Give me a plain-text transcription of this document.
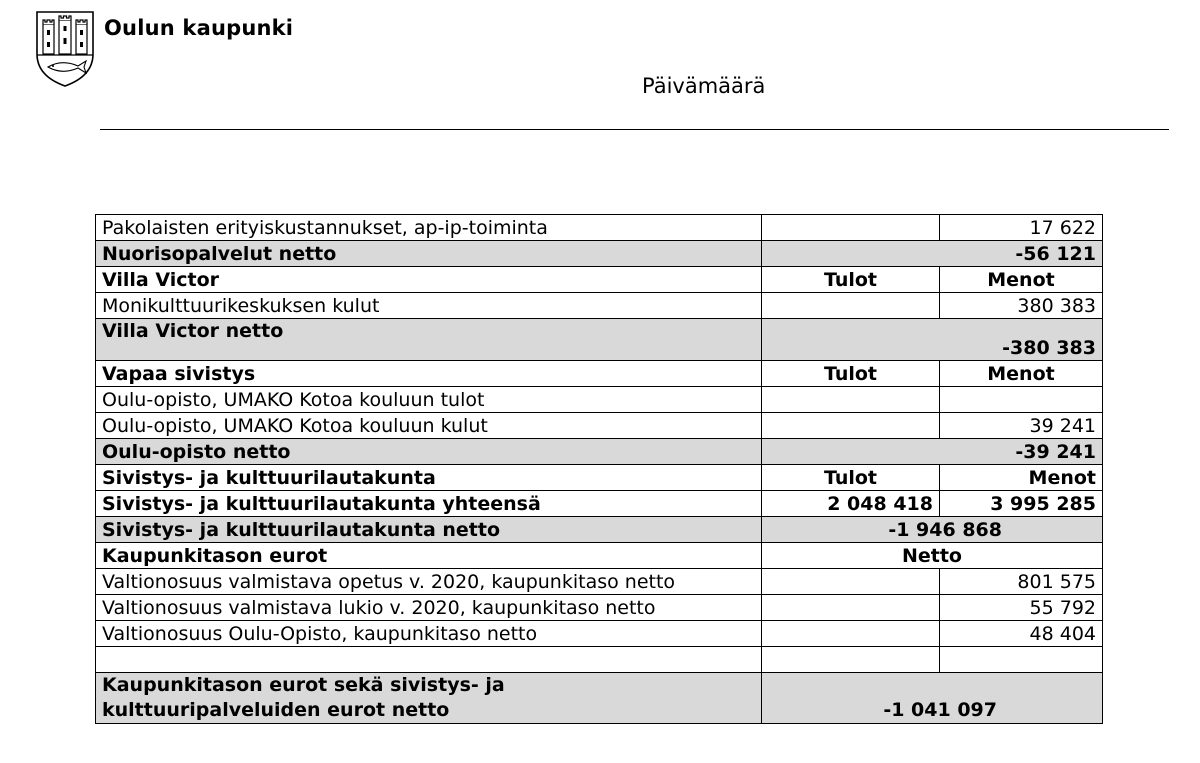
Oulun kaupunki
Päivämäärä
Pakolaisten erityiskustannukset, ap-ip-toiminta		17 622
Nuorisopalvelut netto	-56 121	
Villa Victor	Tulot	Menot
Monikulttuurikeskuksen kulut		380 383
Villa Victor netto	-380 383	
Vapaa sivistys	Tulot	Menot
Oulu-opisto, UMAKO Kotoa kouluun tulot		
Oulu-opisto, UMAKO Kotoa kouluun kulut		39 241
Oulu-opisto netto	-39 241	
Sivistys- ja kulttuurilautakunta	Tulot	Menot
Sivistys- ja kulttuurilautakunta yhteensä	2 048 418	3 995 285
Sivistys- ja kulttuurilautakunta netto	-1 946 868	
Kaupunkitason eurot	Netto	
Valtionosuus valmistava opetus v. 2020, kaupunkitaso netto		801 575
Valtionosuus valmistava lukio v. 2020, kaupunkitaso netto		55 792
Valtionosuus Oulu-Opisto, kaupunkitaso netto		48 404

Kaupunkitason eurot sekä sivistys- ja
kulttuuripalveluiden eurot netto	-1 041 097	
